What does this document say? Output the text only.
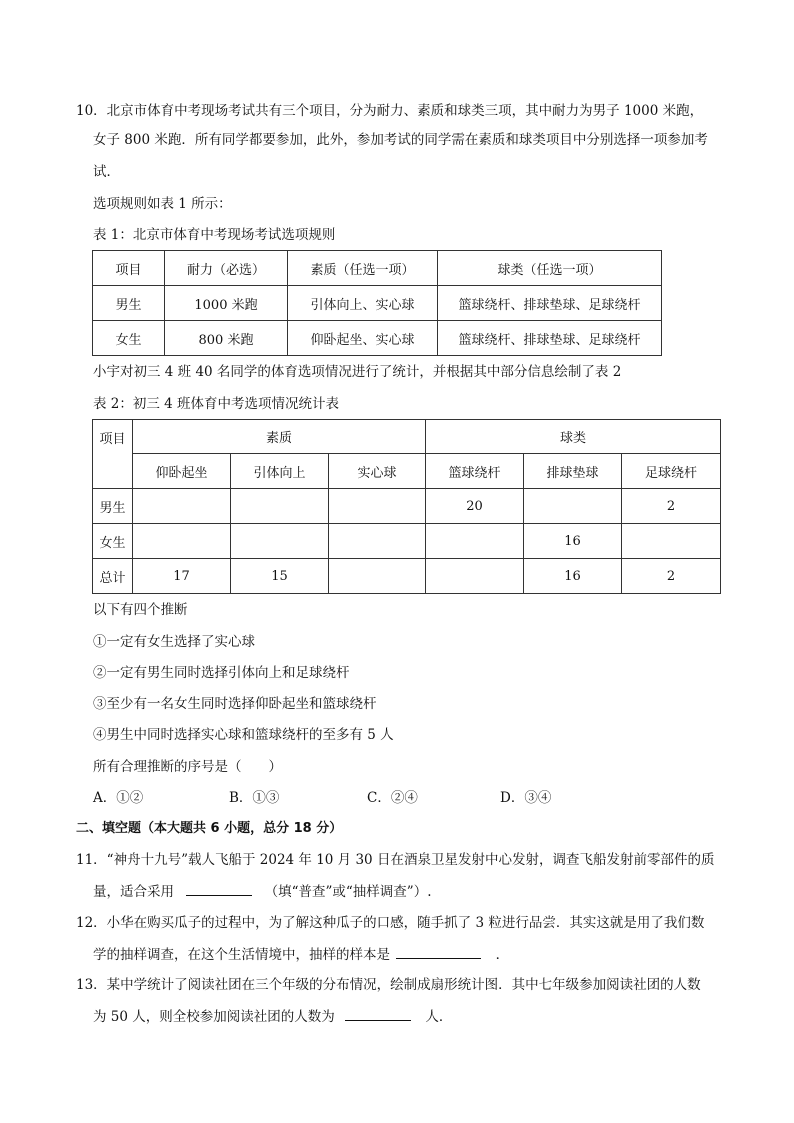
10．北京市体育中考现场考试共有三个项目，分为耐力、素质和球类三项，其中耐力为男子 1000 米跑，
女子 800 米跑．所有同学都要参加，此外，参加考试的同学需在素质和球类项目中分别选择一项参加考
试．
选项规则如表 1 所示：
表 1：北京市体育中考现场考试选项规则
项目	耐力（必选）	素质（任选一项）	球类（任选一项）
男生	1000 米跑	引体向上、实心球	篮球绕杆、排球垫球、足球绕杆
女生	800 米跑	仰卧起坐、实心球	篮球绕杆、排球垫球、足球绕杆
小宇对初三 4 班 40 名同学的体育选项情况进行了统计，并根据其中部分信息绘制了表 2
表 2：初三 4 班体育中考选项情况统计表
项目	素质			球类		
	仰卧起坐	引体向上	实心球	篮球绕杆	排球垫球	足球绕杆
男生				20		2
女生					16	
总计	17	15			16	2
以下有四个推断
①一定有女生选择了实心球
②一定有男生同时选择引体向上和足球绕杆
③至少有一名女生同时选择仰卧起坐和篮球绕杆
④男生中同时选择实心球和篮球绕杆的至多有 5 人
所有合理推断的序号是（　　）
A．①②	B．①③	C．②④	D．③④
二、填空题（本大题共 6 小题，总分 18 分）
11．“神舟十九号”载人飞船于 2024 年 10 月 30 日在酒泉卫星发射中心发射，调查飞船发射前零部件的质
量，适合采用	（填“普查”或“抽样调查”）.
12．小华在购买瓜子的过程中，为了解这种瓜子的口感，随手抓了 3 粒进行品尝．其实这就是用了我们数
学的抽样调查，在这个生活情境中，抽样的样本是	．
13．某中学统计了阅读社团在三个年级的分布情况，绘制成扇形统计图．其中七年级参加阅读社团的人数
为 50 人，则全校参加阅读社团的人数为	人．
